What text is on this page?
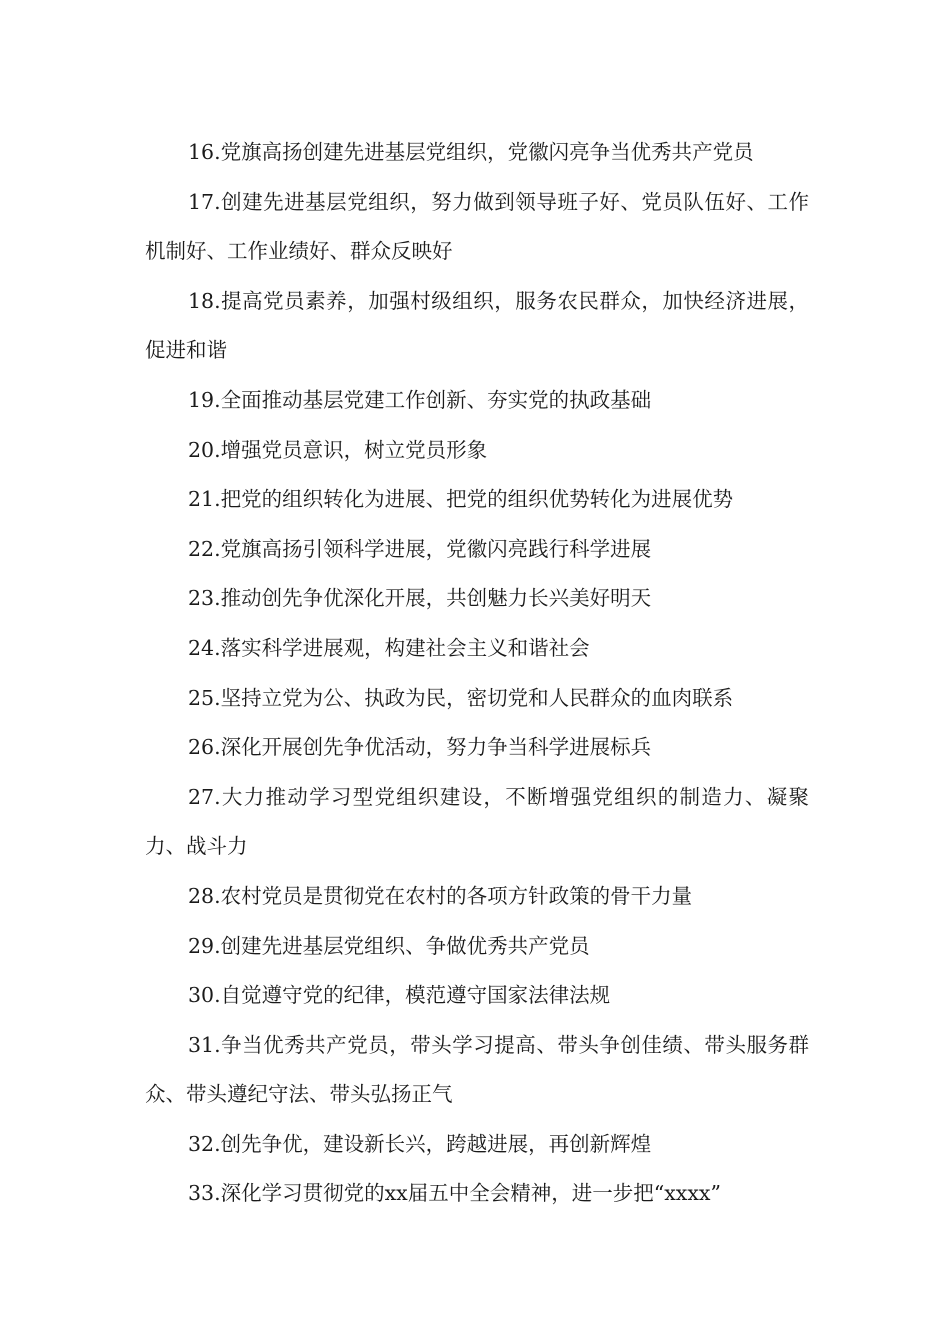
16.党旗高扬创建先进基层党组织，党徽闪亮争当优秀共产党员

17.创建先进基层党组织，努力做到领导班子好、党员队伍好、工作机制好、工作业绩好、群众反映好

18.提高党员素养，加强村级组织，服务农民群众，加快经济进展，促进和谐

19.全面推动基层党建工作创新、夯实党的执政基础

20.增强党员意识，树立党员形象

21.把党的组织转化为进展、把党的组织优势转化为进展优势

22.党旗高扬引领科学进展，党徽闪亮践行科学进展

23.推动创先争优深化开展，共创魅力长兴美好明天

24.落实科学进展观，构建社会主义和谐社会

25.坚持立党为公、执政为民，密切党和人民群众的血肉联系

26.深化开展创先争优活动，努力争当科学进展标兵

27.大力推动学习型党组织建设，不断增强党组织的制造力、凝聚力、战斗力

28.农村党员是贯彻党在农村的各项方针政策的骨干力量

29.创建先进基层党组织、争做优秀共产党员

30.自觉遵守党的纪律，模范遵守国家法律法规

31.争当优秀共产党员，带头学习提高、带头争创佳绩、带头服务群众、带头遵纪守法、带头弘扬正气

32.创先争优，建设新长兴，跨越进展，再创新辉煌

33.深化学习贯彻党的xx届五中全会精神，进一步把“xxxx”
